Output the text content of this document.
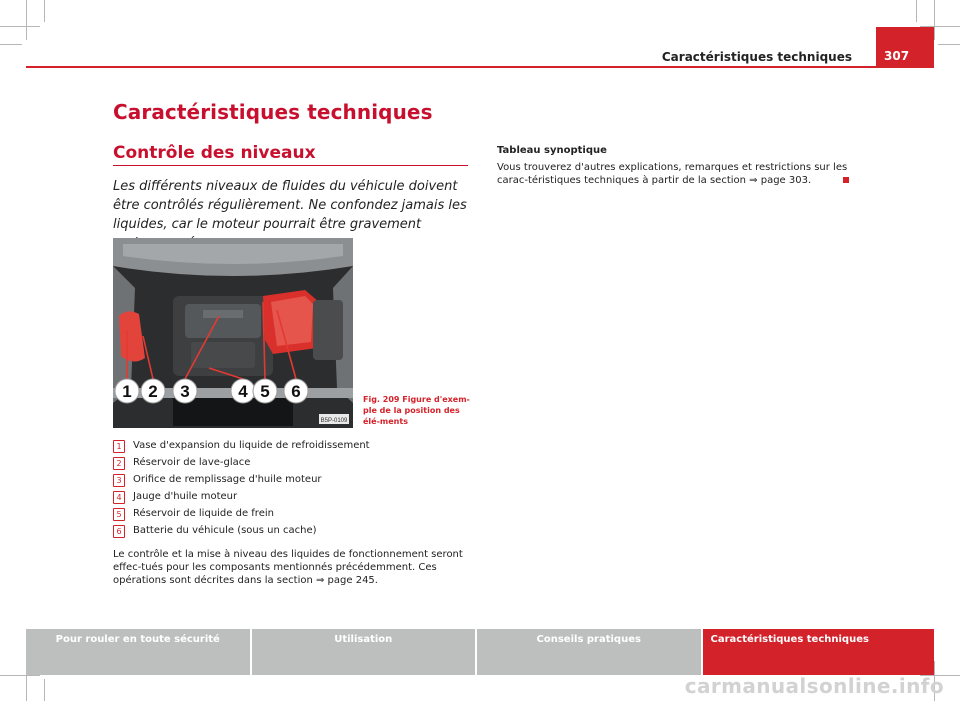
Caractéristiques techniques	307
Caractéristiques techniques
Contrôle des niveaux
Les différents niveaux de fluides du véhicule doivent être contrôlés régulièrement. Ne confondez jamais les liquides, car le moteur pourrait être gravement
1 2 3	4 5 6
B5P-0109
Fig. 209 Figure d'exem-ple de la position des élé-ments
1	Vase d'expansion du liquide de refroidissement
2	Réservoir de lave-glace
3	Orifice de remplissage d'huile moteur
4	Jauge d'huile moteur
5	Réservoir de liquide de frein
6	Batterie du véhicule (sous un cache)
Le contrôle et la mise à niveau des liquides de fonctionnement seront effec-tués pour les composants mentionnés précédemment. Ces opérations sont décrites dans la section ⇒ page 245.
Tableau synoptique
Vous trouverez d'autres explications, remarques et restrictions sur les carac-téristiques techniques à partir de la section ⇒ page 303.
Pour rouler en toute sécurité	Utilisation	Conseils pratiques	Caractéristiques techniques
carmanualsonline.info
